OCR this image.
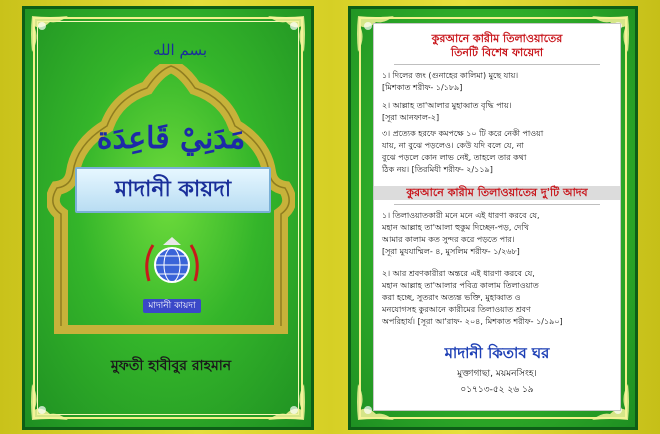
بسم الله
مَدَنِيْ قَاعِدَة
মাদানী কায়দা
মাদানী কায়দা
মুফতী হাবীবুর রাহমান
কুরআনে কারীম তিলাওয়াতের
তিনটি বিশেষ ফায়েদা
১। দিলের জং (গুনাহের কালিমা) মুছে যায়।
[মিশকাত শরীফ- ১/১৮৯]
২। আল্লাহ তা'আলার মুহাব্বাত বৃদ্ধি পায়।
[সূরা আনফাল-২]
৩। প্রত্যেক হরফে কমপক্ষে ১০ টি করে নেকী পাওয়া
যায়, না বুঝে পড়লেও। কেউ যদি বলে যে, না
বুঝে পড়লে কোন লাভ নেই, তাহলে তার কথা
ঠিক নয়। [তিরমিযী শরীফ- ২/১১৯]
কুরআনে কারীম তিলাওয়াতের দু'টি আদব
১। তিলাওয়াতকারী মনে মনে এই ধারণা করবে যে,
মহান আল্লাহ তা'আলা হুকুম দিচ্ছেন-পড়, দেখি
আমার কালাম কত সুন্দর করে পড়তে পার।
[সূরা মুযযাম্মিল- ৪, মুসলিম শরীফ- ১/২৬৮]
২। আর শ্রবণকারীরা অন্তরে এই ধারণা করবে যে,
মহান আল্লাহ তা'আলার পবিত্র কালাম তিলাওয়াত
করা হচ্ছে, সুতরাং অত্যন্ত ভক্তি, মুহাব্বাত ও
মনযোগসহ কুরআনে কারীমের তিলাওয়াত শ্রবণ
অপরিহার্য। [সূরা আ'রাফ- ২০৪, মিশকাত শরীফ- ১/১৯০]
মাদানী কিতাব ঘর
মুক্তাগাছা, ময়মনসিংহ।
০১৭১৩-৫২ ২৬ ১৯
